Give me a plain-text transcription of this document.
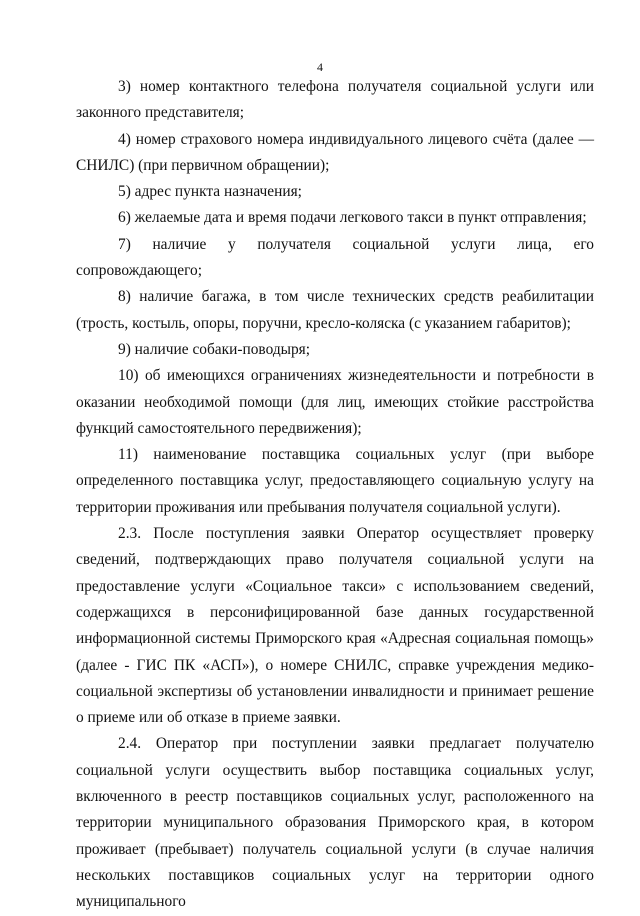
4

3) номер контактного телефона получателя социальной услуги или законного представителя;

4) номер страхового номера индивидуального лицевого счёта (далее — СНИЛС) (при первичном обращении);

5) адрес пункта назначения;

6) желаемые дата и время подачи легкового такси в пункт отправления;

7) наличие у получателя социальной услуги лица, его сопровождающего;

8) наличие багажа, в том числе технических средств реабилитации (трость, костыль, опоры, поручни, кресло-коляска (с указанием габаритов);

9) наличие собаки-поводыря;

10) об имеющихся ограничениях жизнедеятельности и потребности в оказании необходимой помощи (для лиц, имеющих стойкие расстройства функций самостоятельного передвижения);

11) наименование поставщика социальных услуг (при выборе определенного поставщика услуг, предоставляющего социальную услугу на территории проживания или пребывания получателя социальной услуги).

2.3. После поступления заявки Оператор осуществляет проверку сведений, подтверждающих право получателя социальной услуги на предоставление услуги «Социальное такси» с использованием сведений, содержащихся в персонифицированной базе данных государственной информационной системы Приморского края «Адресная социальная помощь» (далее - ГИС ПК «АСП»), о номере СНИЛС, справке учреждения медико-социальной экспертизы об установлении инвалидности и принимает решение о приеме или об отказе в приеме заявки.

2.4. Оператор при поступлении заявки предлагает получателю социальной услуги осуществить выбор поставщика социальных услуг, включенного в реестр поставщиков социальных услуг, расположенного на территории муниципального образования Приморского края, в котором проживает (пребывает) получатель социальной услуги (в случае наличия нескольких поставщиков социальных услуг на территории одного муниципального
